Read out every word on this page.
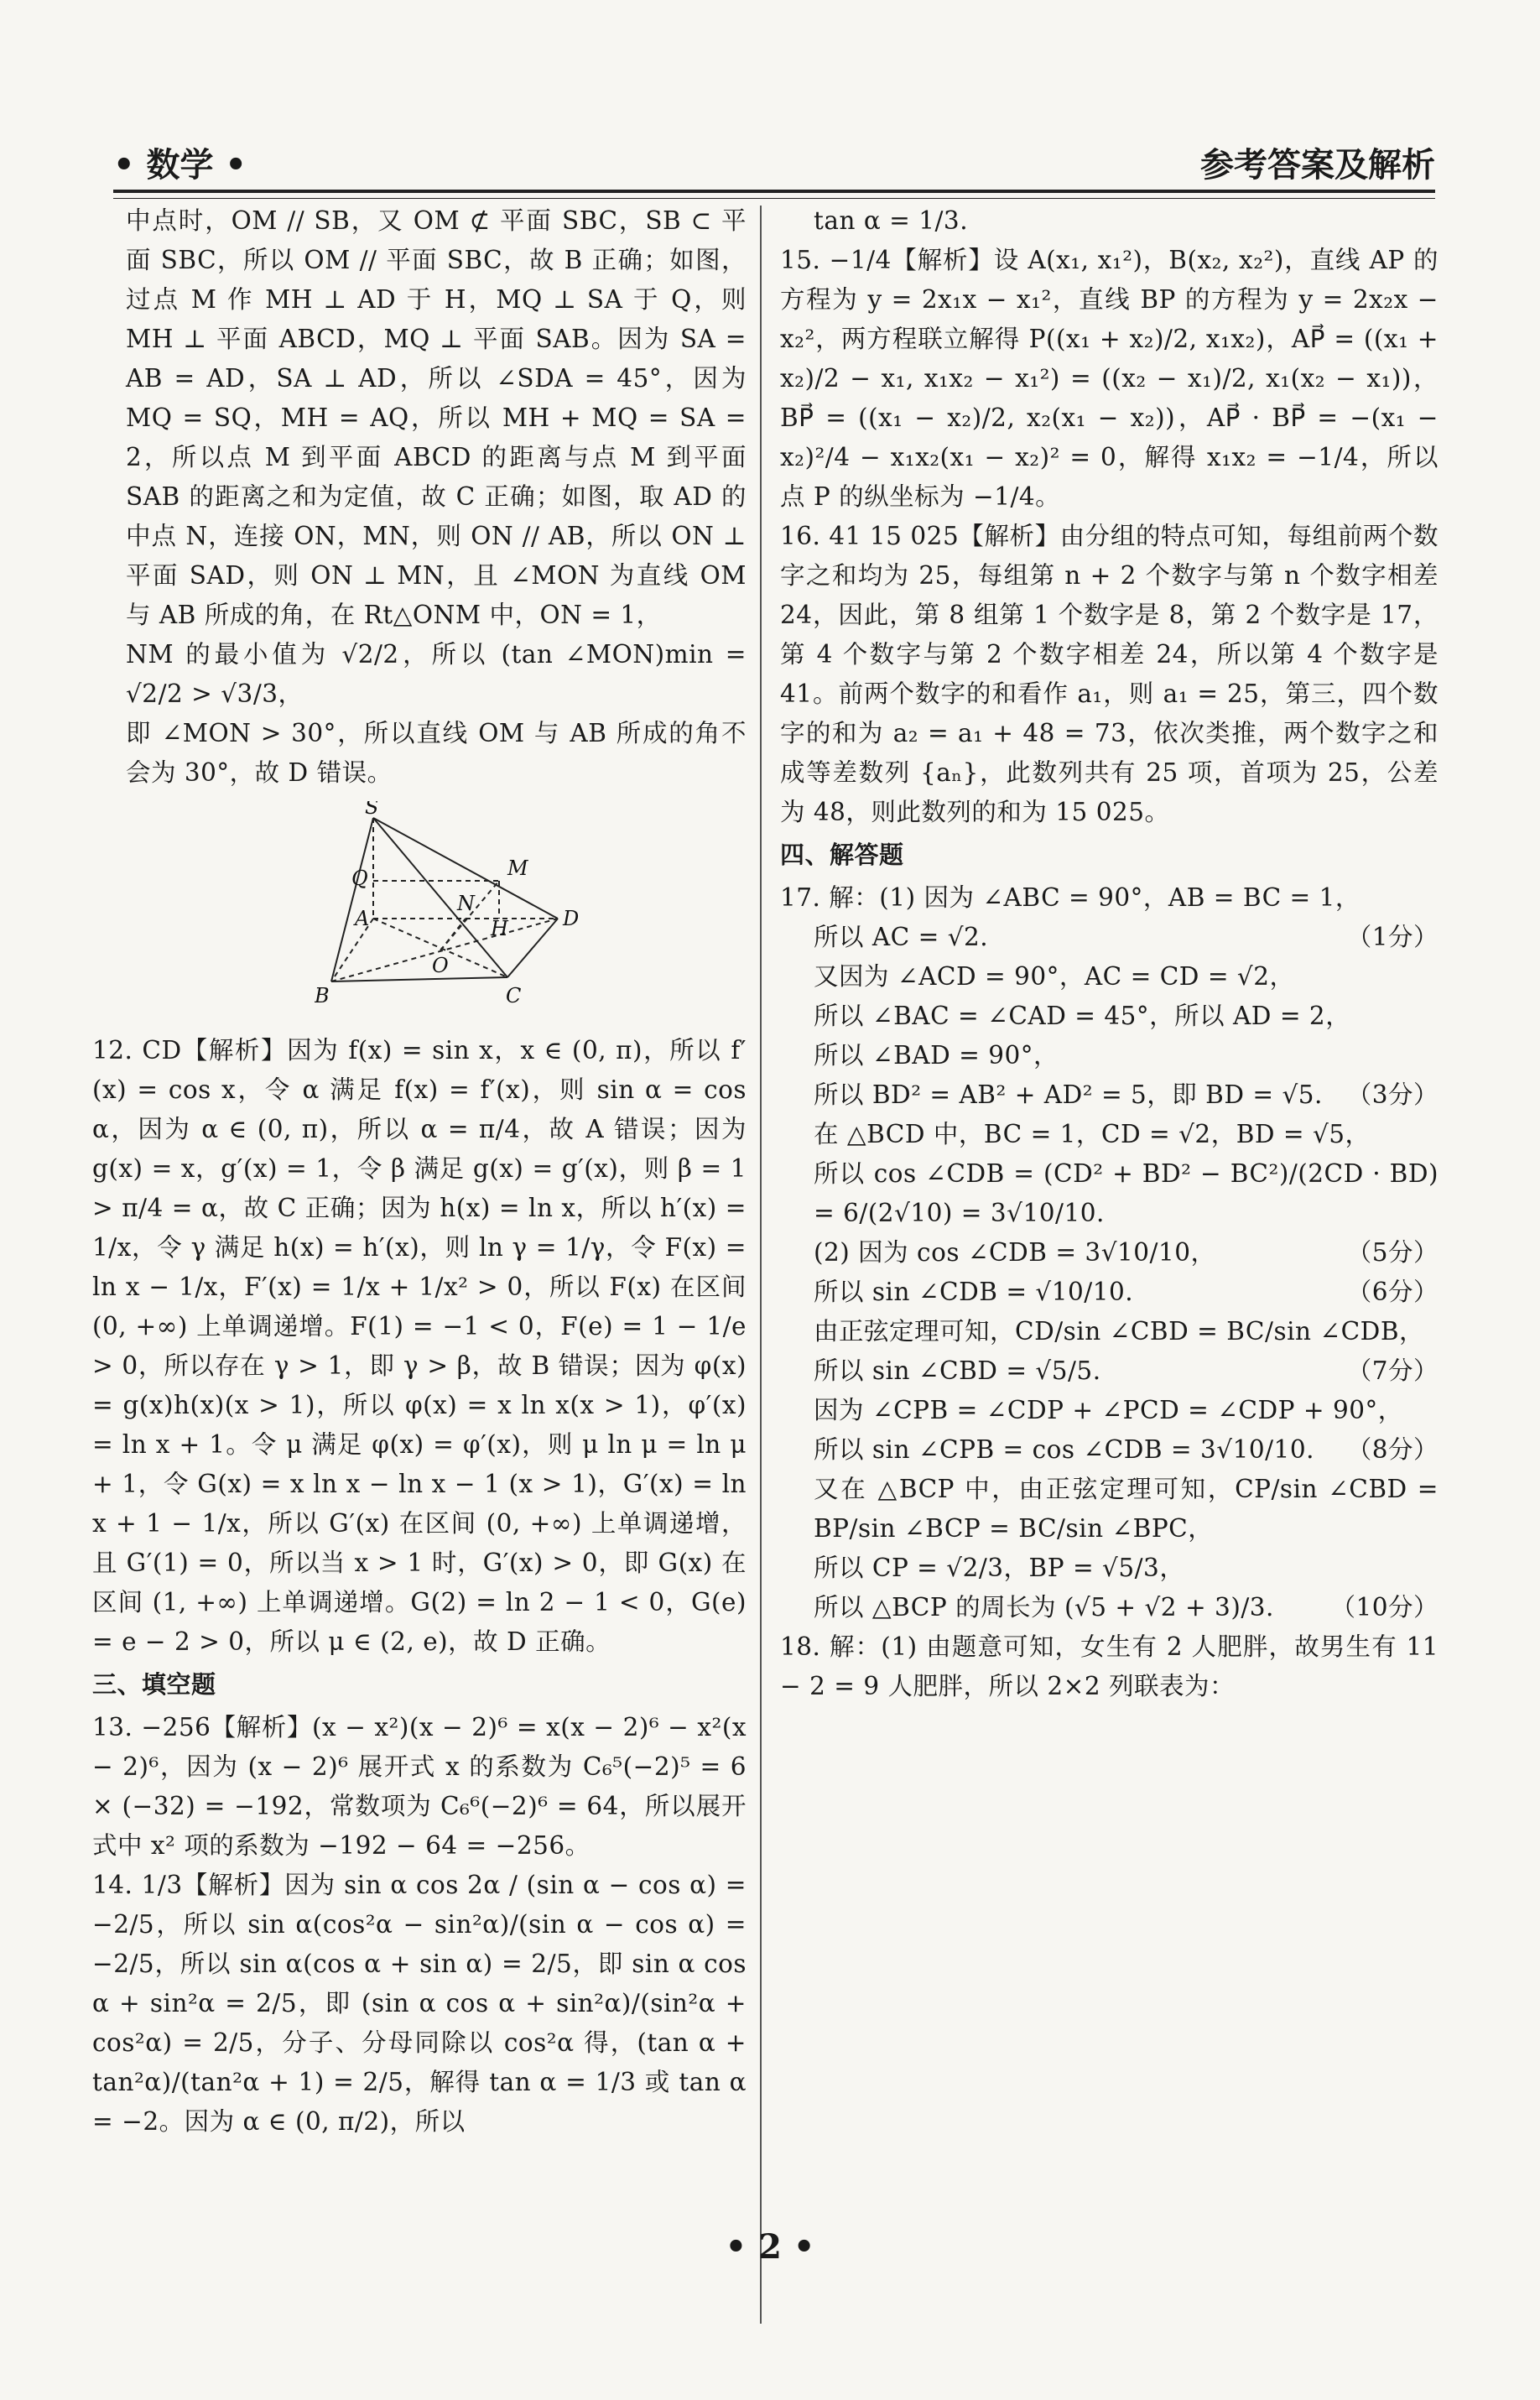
• 数学 •	参考答案及解析

中点时，OM // SB，又 OM ⊄ 平面 SBC，SB ⊂ 平面 SBC，所以 OM // 平面 SBC，故 B 正确；如图，过点 M 作 MH ⊥ AD 于 H，MQ ⊥ SA 于 Q，则 MH ⊥ 平面 ABCD，MQ ⊥ 平面 SAB。因为 SA = AB = AD，SA ⊥ AD，所以 ∠SDA = 45°，因为 MQ = SQ，MH = AQ，所以 MH + MQ = SA = 2，所以点 M 到平面 ABCD 的距离与点 M 到平面 SAB 的距离之和为定值，故 C 正确；如图，取 AD 的中点 N，连接 ON，MN，则 ON // AB，所以 ON ⊥ 平面 SAD，则 ON ⊥ MN，且 ∠MON 为直线 OM 与 AB 所成的角，在 Rt△ONM 中，ON = 1，

NM 的最小值为 √2/2，所以 (tan ∠MON)min = √2/2 > √3/3，

即 ∠MON > 30°，所以直线 OM 与 AB 所成的角不会为 30°，故 D 错误。

S
Q	M
A
N
H	D
O
B	C

12. CD【解析】因为 f(x) = sin x，x ∈ (0, π)，所以 f′(x) = cos x，令 α 满足 f(x) = f′(x)，则 sin α = cos α，因为 α ∈ (0, π)，所以 α = π/4，故 A 错误；因为 g(x) = x，g′(x) = 1，令 β 满足 g(x) = g′(x)，则 β = 1 > π/4 = α，故 C 正确；因为 h(x) = ln x，所以 h′(x) = 1/x，令 γ 满足 h(x) = h′(x)，则 ln γ = 1/γ，令 F(x) = ln x − 1/x，F′(x) = 1/x + 1/x² > 0，所以 F(x) 在区间 (0, +∞) 上单调递增。F(1) = −1 < 0，F(e) = 1 − 1/e > 0，所以存在 γ > 1，即 γ > β，故 B 错误；因为 φ(x) = g(x)h(x)(x > 1)，所以 φ(x) = x ln x(x > 1)，φ′(x) = ln x + 1。令 μ 满足 φ(x) = φ′(x)，则 μ ln μ = ln μ + 1，令 G(x) = x ln x − ln x − 1 (x > 1)，G′(x) = ln x + 1 − 1/x，所以 G′(x) 在区间 (0, +∞) 上单调递增，且 G′(1) = 0，所以当 x > 1 时，G′(x) > 0，即 G(x) 在区间 (1, +∞) 上单调递增。G(2) = ln 2 − 1 < 0，G(e) = e − 2 > 0，所以 μ ∈ (2, e)，故 D 正确。

三、填空题

13. −256【解析】(x − x²)(x − 2)⁶ = x(x − 2)⁶ − x²(x − 2)⁶，因为 (x − 2)⁶ 展开式 x 的系数为 C₆⁵(−2)⁵ = 6 × (−32) = −192，常数项为 C₆⁶(−2)⁶ = 64，所以展开式中 x² 项的系数为 −192 − 64 = −256。

14. 1/3【解析】因为 sin α cos 2α / (sin α − cos α) = −2/5，所以 sin α(cos²α − sin²α)/(sin α − cos α) = −2/5，所以 sin α(cos α + sin α) = 2/5，即 sin α cos α + sin²α = 2/5，即 (sin α cos α + sin²α)/(sin²α + cos²α) = 2/5，分子、分母同除以 cos²α 得，(tan α + tan²α)/(tan²α + 1) = 2/5，解得 tan α = 1/3 或 tan α = −2。因为 α ∈ (0, π/2)，所以

tan α = 1/3.

15. −1/4【解析】设 A(x₁, x₁²)，B(x₂, x₂²)，直线 AP 的方程为 y = 2x₁x − x₁²，直线 BP 的方程为 y = 2x₂x − x₂²，两方程联立解得 P((x₁ + x₂)/2, x₁x₂)，AP⃗ = ((x₁ + x₂)/2 − x₁, x₁x₂ − x₁²) = ((x₂ − x₁)/2, x₁(x₂ − x₁))，BP⃗ = ((x₁ − x₂)/2, x₂(x₁ − x₂))，AP⃗ · BP⃗ = −(x₁ − x₂)²/4 − x₁x₂(x₁ − x₂)² = 0，解得 x₁x₂ = −1/4，所以点 P 的纵坐标为 −1/4。

16. 41 15 025【解析】由分组的特点可知，每组前两个数字之和均为 25，每组第 n + 2 个数字与第 n 个数字相差 24，因此，第 8 组第 1 个数字是 8，第 2 个数字是 17，第 4 个数字与第 2 个数字相差 24，所以第 4 个数字是 41。前两个数字的和看作 a₁，则 a₁ = 25，第三，四个数字的和为 a₂ = a₁ + 48 = 73，依次类推，两个数字之和成等差数列 {aₙ}，此数列共有 25 项，首项为 25，公差为 48，则此数列的和为 15 025。

四、解答题

17. 解：(1) 因为 ∠ABC = 90°，AB = BC = 1，

所以 AC = √2.	（1分）

又因为 ∠ACD = 90°，AC = CD = √2，

所以 ∠BAC = ∠CAD = 45°，所以 AD = 2，

所以 ∠BAD = 90°，

所以 BD² = AB² + AD² = 5，即 BD = √5. （3分）

在 △BCD 中，BC = 1，CD = √2，BD = √5，

所以 cos ∠CDB = (CD² + BD² − BC²)/(2CD · BD) = 6/(2√10) = 3√10/10.

（5分）

(2) 因为 cos ∠CDB = 3√10/10，

所以 sin ∠CDB = √10/10.	（6分）

由正弦定理可知，CD/sin ∠CBD = BC/sin ∠CDB，

所以 sin ∠CBD = √5/5.	（7分）

因为 ∠CPB = ∠CDP + ∠PCD = ∠CDP + 90°，

所以 sin ∠CPB = cos ∠CDB = 3√10/10. （8分）

又在 △BCP 中，由正弦定理可知，CP/sin ∠CBD = BP/sin ∠BCP = BC/sin ∠BPC，

所以 CP = √2/3，BP = √5/3，

所以 △BCP 的周长为 (√5 + √2 + 3)/3. （10分）

18. 解：(1) 由题意可知，女生有 2 人肥胖，故男生有 11 − 2 = 9 人肥胖，所以 2×2 列联表为：

• 2 •
